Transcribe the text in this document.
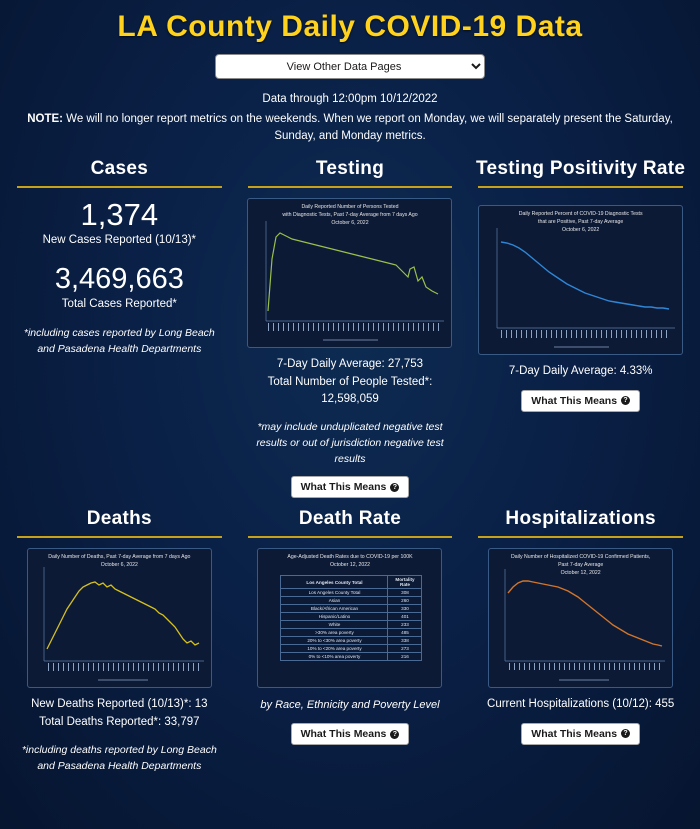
LA County Daily COVID-19 Data
View Other Data Pages
Data through 12:00pm 10/12/2022
NOTE: We will no longer report metrics on the weekends. When we report on Monday, we will separately present the Saturday, Sunday, and Monday metrics.
Cases
1,374
New Cases Reported (10/13)*
3,469,663
Total Cases Reported*
*including cases reported by Long Beach and Pasadena Health Departments
Testing
Daily Reported Number of Persons Tested
with Diagnostic Tests, Past 7-day Average from 7 days Ago
October 6, 2022
7-Day Daily Average: 27,753
Total Number of People Tested*:
12,598,059
*may include unduplicated negative test results or out of jurisdiction negative test results
What This Means ?
Testing Positivity Rate
Daily Reported Percent of COVID-19 Diagnostic Tests
that are Positive, Past 7-day Average
October 6, 2022
7-Day Daily Average: 4.33%
What This Means ?
Deaths
Daily Number of Deaths, Past 7-day Average from 7 days Ago
October 6, 2022
New Deaths Reported (10/13)*: 13
Total Deaths Reported*: 33,797
*including deaths reported by Long Beach and Pasadena Health Departments
Death Rate
Age-Adjusted Death Rates due to COVID-19 per 100K
October 12, 2022
Los Angeles County Total	Mortality Rate
Los Angeles County Total	308
Asian	260
Black/African American	330
Hispanic/Latino	401
White	233
>30% area poverty	485
20% to <30% area poverty	338
10% to <20% area poverty	273
0% to <10% area poverty	216
by Race, Ethnicity and Poverty Level
What This Means ?
Hospitalizations
Daily Number of Hospitalized COVID-19 Confirmed Patients,
Past 7-day Average
October 12, 2022
Current Hospitalizations (10/12): 455
What This Means ?
